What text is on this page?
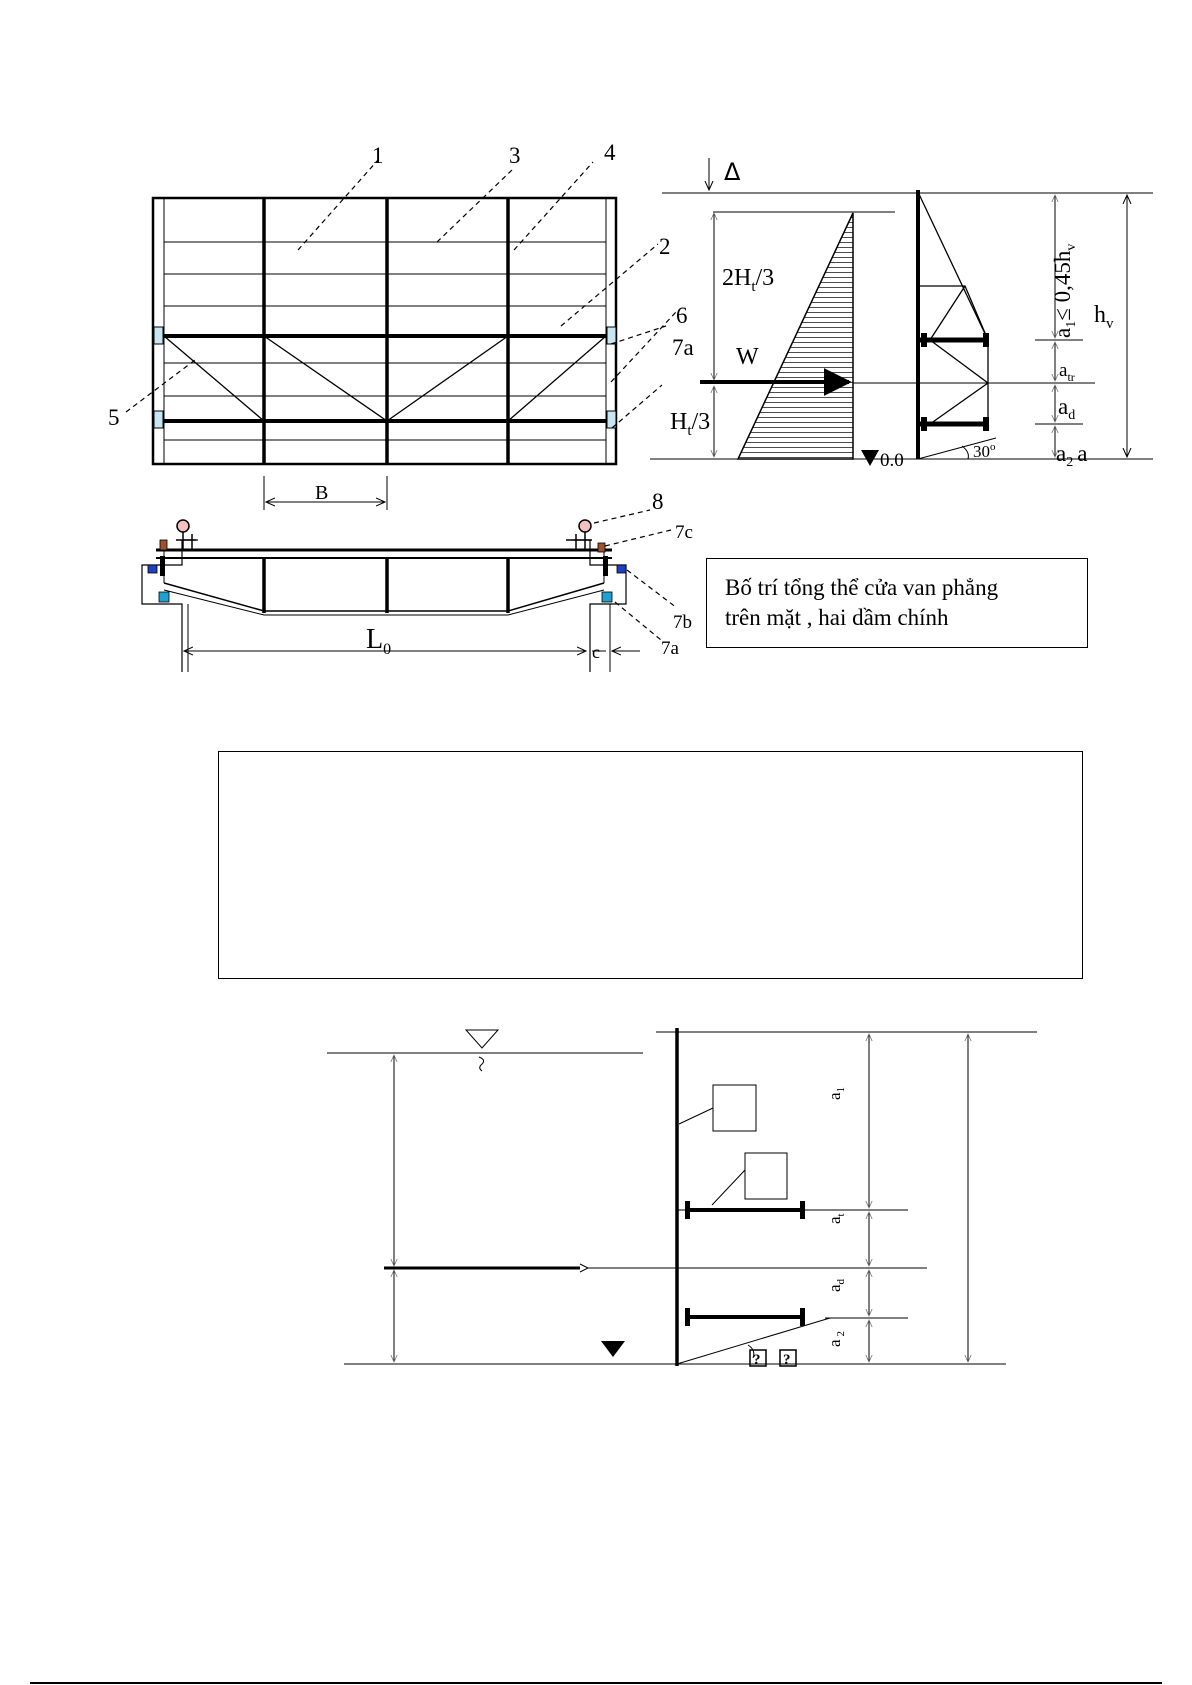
1	3	4
2
6
7a
5
B	8
7c
7b
7a
$L_0$	c
Δ
$2H_t/3$
W
$H_t/3$
0.0	30$^o$
$a_1\le 0,45h_v$
$h_v$
$a_{tr}$
$a_d$
$a_2$ a
$a_1$
$a_t$
$a_d$
$a_2$
? ?
Bố trí tổng thể cửa van phẳng
trên mặt , hai dầm chính
